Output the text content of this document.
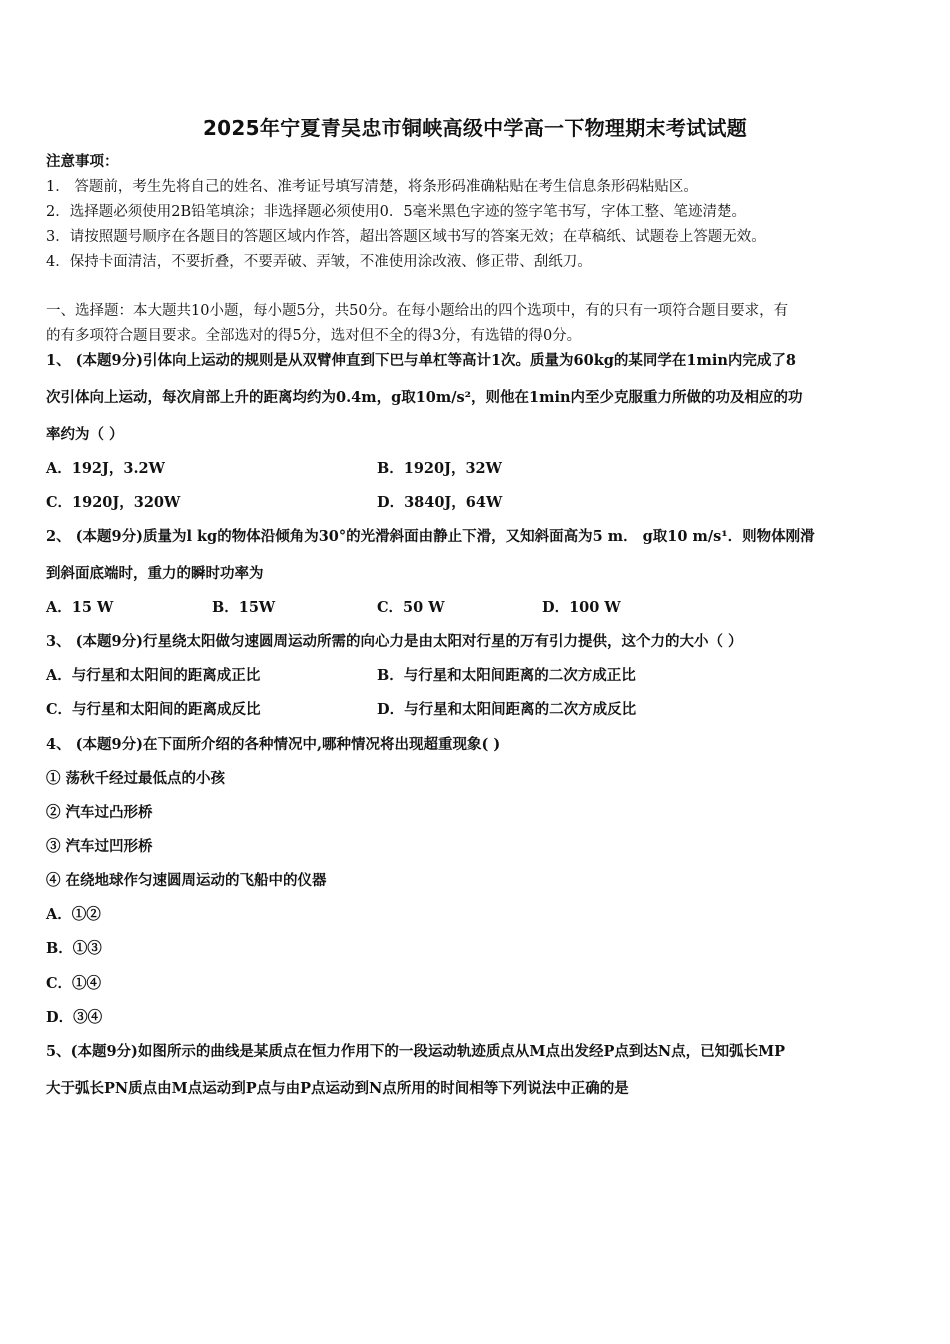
2025年宁夏青吴忠市铜峡高级中学高一下物理期末考试试题
注意事项：
1． 答题前，考生先将自己的姓名、准考证号填写清楚，将条形码准确粘贴在考生信息条形码粘贴区。
2．选择题必须使用2B铅笔填涂；非选择题必须使用0．5毫米黑色字迹的签字笔书写，字体工整、笔迹清楚。
3．请按照题号顺序在各题目的答题区域内作答，超出答题区域书写的答案无效；在草稿纸、试题卷上答题无效。
4．保持卡面清洁，不要折叠，不要弄破、弄皱，不准使用涂改液、修正带、刮纸刀。
一、选择题：本大题共10小题，每小题5分，共50分。在每小题给出的四个选项中，有的只有一项符合题目要求，有
的有多项符合题目要求。全部选对的得5分，选对但不全的得3分，有选错的得0分。
1、 (本题9分)引体向上运动的规则是从双臂伸直到下巴与单杠等高计1次。质量为60kg的某同学在1min内完成了8
次引体向上运动，每次肩部上升的距离均约为0.4m，g取10m/s²，则他在1min内至少克服重力所做的功及相应的功
率约为（ ）
A．192J，3.2W	B．1920J，32W
C．1920J，320W	D．3840J，64W
2、 (本题9分)质量为l kg的物体沿倾角为30°的光滑斜面由静止下滑，又知斜面高为5 m． g取10 m/s¹．则物体刚滑
到斜面底端时，重力的瞬时功率为
A．15 W	B．15W	C．50 W	D．100 W
3、 (本题9分)行星绕太阳做匀速圆周运动所需的向心力是由太阳对行星的万有引力提供，这个力的大小（ ）
A．与行星和太阳间的距离成正比	B．与行星和太阳间距离的二次方成正比
C．与行星和太阳间的距离成反比	D．与行星和太阳间距离的二次方成反比
4、 (本题9分)在下面所介绍的各种情况中,哪种情况将出现超重现象( )
① 荡秋千经过最低点的小孩
② 汽车过凸形桥
③ 汽车过凹形桥
④ 在绕地球作匀速圆周运动的飞船中的仪器
A．①②
B．①③
C．①④
D．③④
5、(本题9分)如图所示的曲线是某质点在恒力作用下的一段运动轨迹质点从M点出发经P点到达N点，已知弧长MP
大于弧长PN质点由M点运动到P点与由P点运动到N点所用的时间相等下列说法中正确的是
